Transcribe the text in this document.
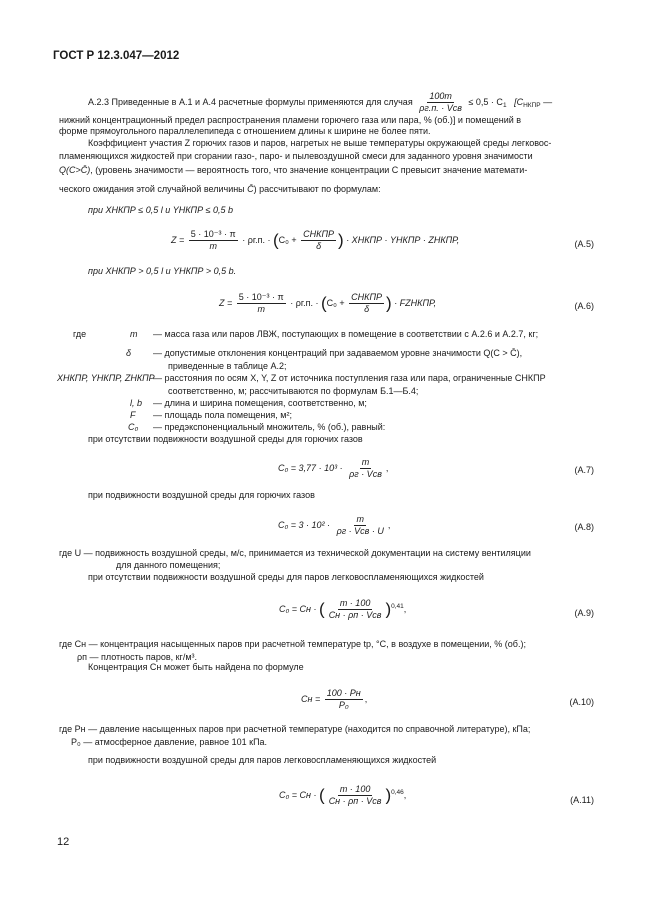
ГОСТ Р 12.3.047—2012
А.2.3 Приведенные в А.1 и А.4 расчетные формулы применяются для случая $\frac{100m}{\text{ρг.п. · Vсв}} \le 0,5 \cdot C_1$ [$C_{НКПР}$ —
нижний концентрационный предел распространения пламени горючего газа или пара, % (об.)] и помещений в
форме прямоугольного параллелепипеда с отношением длины к ширине не более пяти.
Коэффициент участия Z горючих газов и паров, нагретых не выше температуры окружающей среды легковос-
пламеняющихся жидкостей при сгорании газо-, паро- и пылевоздушной смеси для заданного уровня значимости
Q(C>C̄), (уровень значимости — вероятность того, что значение концентрации C превысит значение математи-
ческого ожидания этой случайной величины C̄) рассчитывают по формулам:
при XНКПР ≤ 0,5 l и YНКПР ≤ 0,5 b
$Z = \frac{\text{5 · 10⁻³ · π}}{m} \cdot \rho г.п$. · ($C_0 + \frac{\text{CНКПР}}{\delta}$ ) · XНКПР · YНКПР · ZНКПР,	(А.5)
при XНКПР > 0,5 l и YНКПР > 0,5 b.
$Z = \frac{\text{5 · 10⁻³ · π}}{m} \cdot \rho г.п$. · ($C_0 + \frac{\text{CНКПР}}{\delta}$ ) · FZНКПР,	(А.6)
где	m — масса газа или паров ЛВЖ, поступающих в помещение в соответствии с А.2.6 и А.2.7, кг;
δ — допустимые отклонения концентраций при задаваемом уровне значимости Q(C > C̄),
приведенные в таблице А.2;
XНКПР, YНКПР, ZНКПР
— расстояния по осям X, Y, Z от источника поступления газа или пара, ограниченные CНКПР
соответственно, м; рассчитываются по формулам Б.1—Б.4;
l, b — длина и ширина помещения, соответственно, м;
F — площадь пола помещения, м²;
C₀ — предэкспоненциальный множитель, % (об.), равный:
при отсутствии подвижности воздушной среды для горючих газов
$C_0 = 3,77 \cdot 10^3 \cdot \frac{m}{\text{ρг · Vсв}}$ ,	(А.7)
при подвижности воздушной среды для горючих газов
$C_0 = 3 \cdot 10^2 \cdot \frac{m}{\text{ρг · Vсв · U}}$ ,	(А.8)
где U — подвижность воздушной среды, м/с, принимается из технической документации на систему вентиляции
для данного помещения;
при отсутствии подвижности воздушной среды для паров легковоспламеняющихся жидкостей
C₀ = Cн · ( $\frac{m \cdot 100}{\text{Cн · ρп · Vсв}} )^{0,41}$,	(А.9)
где Cн — концентрация насыщенных паров при расчетной температуре tр, °С, в воздухе в помещении, % (об.);
ρп — плотность паров, кг/м³.
Концентрация Cн может быть найдена по формуле
Cн = $\frac{100 \cdot Pн}{\text{P₀}}$ ,	(А.10)
где Pн — давление насыщенных паров при расчетной температуре (находится по справочной литературе), кПа;
P₀ — атмосферное давление, равное 101 кПа.
при подвижности воздушной среды для паров легковоспламеняющихся жидкостей
C₀ = Cн · ( $\frac{m \cdot 100}{\text{Cн · ρп · Vсв}} )^{0,46}$,
(А.11)
12
